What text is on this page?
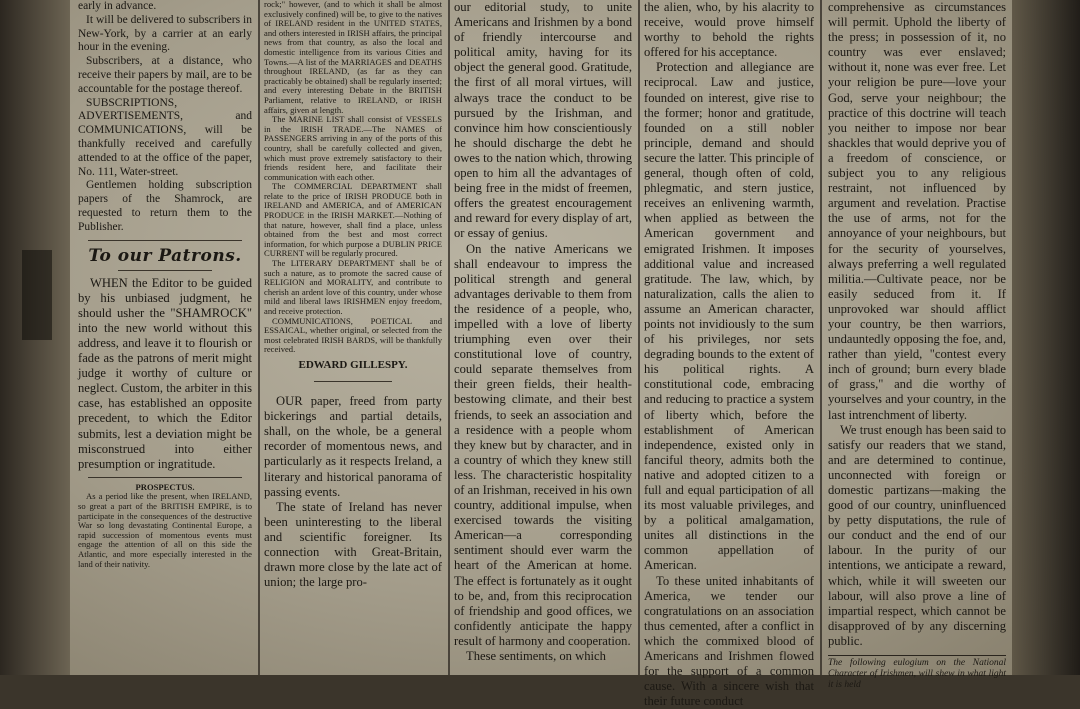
early in advance.

It will be delivered to subscribers in New-York, by a carrier at an early hour in the evening.

Subscribers, at a distance, who receive their papers by mail, are to be accountable for the postage thereof.

SUBSCRIPTIONS, ADVERTISEMENTS, and COMMUNICATIONS, will be thankfully received and carefully attended to at the office of the paper, No. 111, Water-street.

Gentlemen holding subscription papers of the Shamrock, are requested to return them to the Publisher.

To our Patrons.

WHEN the Editor to be guided by his unbiased judgment, he should usher the "SHAMROCK" into the new world without this address, and leave it to flourish or fade as the patrons of merit might judge it worthy of culture or neglect. Custom, the arbiter in this case, has established an opposite precedent, to which the Editor submits, lest a deviation might be misconstrued into either presumption or ingratitude.

PROSPECTUS.

As a period like the present, when IRELAND, so great a part of the BRITISH EMPIRE, is to participate in the consequences of the destructive War so long devastating Continental Europe, a rapid succession of momentous events must engage the attention of all on this side the Atlantic, and more especially interested in the land of their nativity.

rock;" however, (and to which it shall be almost exclusively confined) will be, to give to the natives of IRELAND resident in the UNITED STATES, and others interested in IRISH affairs, the principal news from that country, as also the local and domestic intelligence from its various Cities and Towns.—A list of the MARRIAGES and DEATHS throughout IRELAND, (as far as they can practicably be obtained) shall be regularly inserted; and every interesting Debate in the BRITISH Parliament, relative to IRELAND, or IRISH affairs, given at length.

The MARINE LIST shall consist of VESSELS in the IRISH TRADE.—The NAMES of PASSENGERS arriving in any of the ports of this country, shall be carefully collected and given, which must prove extremely satisfactory to their friends resident here, and facilitate their communication with each other.

The COMMERCIAL DEPARTMENT shall relate to the price of IRISH PRODUCE both in IRELAND and AMERICA, and of AMERICAN PRODUCE in the IRISH MARKET.—Nothing of that nature, however, shall find a place, unless obtained from the best and most correct information, for which purpose a DUBLIN PRICE CURRENT will be regularly procured.

The LITERARY DEPARTMENT shall be of such a nature, as to promote the sacred cause of RELIGION and MORALITY, and contribute to cherish an ardent love of this country, under whose mild and liberal laws IRISHMEN enjoy freedom, and receive protection.

COMMUNICATIONS, POETICAL and ESSAICAL, whether original, or selected from the most celebrated IRISH BARDS, will be thankfully received.

EDWARD GILLESPY.

OUR paper, freed from party bickerings and partial details, shall, on the whole, be a general recorder of momentous news, and particularly as it respects Ireland, a literary and historical panorama of passing events.

The state of Ireland has never been uninteresting to the liberal and scientific foreigner. Its connection with Great-Britain, drawn more close by the late act of union; the large pro-

our editorial study, to unite Americans and Irishmen by a bond of friendly intercourse and political amity, having for its object the general good. Gratitude, the first of all moral virtues, will always trace the conduct to be pursued by the Irishman, and convince him how conscientiously he should discharge the debt he owes to the nation which, throwing open to him all the advantages of being free in the midst of freemen, offers the greatest encouragement and reward for every display of art, or essay of genius.

On the native Americans we shall endeavour to impress the political strength and general advantages derivable to them from the residence of a people, who, impelled with a love of liberty triumphing even over their constitutional love of country, could separate themselves from their green fields, their health-bestowing climate, and their best friends, to seek an association and a residence with a people whom they knew but by character, and in a country of which they knew still less. The characteristic hospitality of an Irishman, received in his own country, additional impulse, when exercised towards the visiting American—a corresponding sentiment should ever warm the heart of the American at home. The effect is fortunately as it ought to be, and, from this reciprocation of friendship and good offices, we confidently anticipate the happy result of harmony and cooperation.

These sentiments, on which

the alien, who, by his alacrity to receive, would prove himself worthy to behold the rights offered for his acceptance.

Protection and allegiance are reciprocal. Law and justice, founded on interest, give rise to the former; honor and gratitude, founded on a still nobler principle, demand and should secure the latter. This principle of general, though often of cold, phlegmatic, and stern justice, receives an enlivening warmth, when applied as between the American government and emigrated Irishmen. It imposes additional value and increased gratitude. The law, which, by naturalization, calls the alien to assume an American character, points not invidiously to the sum of his privileges, nor sets degrading bounds to the extent of his political rights. A constitutional code, embracing and reducing to practice a system of liberty which, before the establishment of American independence, existed only in fanciful theory, admits both the native and adopted citizen to a full and equal participation of all its most valuable privileges, and by a political amalgamation, unites all distinctions in the common appellation of American.

To these united inhabitants of America, we tender our congratulations on an association thus cemented, after a conflict in which the commixed blood of Americans and Irishmen flowed for the support of a common cause. With a sincere wish that their future conduct

comprehensive as circumstances will permit. Uphold the liberty of the press; in possession of it, no country was ever enslaved; without it, none was ever free. Let your religion be pure—love your God, serve your neighbour; the practice of this doctrine will teach you neither to impose nor bear shackles that would deprive you of a freedom of conscience, or subject you to any religious restraint, not influenced by argument and revelation. Practise the use of arms, not for the annoyance of your neighbours, but for the security of yourselves, always preferring a well regulated militia.—Cultivate peace, nor be easily seduced from it. If unprovoked war should afflict your country, be then warriors, undauntedly opposing the foe, and, rather than yield, "contest every inch of ground; burn every blade of grass," and die worthy of yourselves and your country, in the last intrenchment of liberty.

We trust enough has been said to satisfy our readers that we stand, and are determined to continue, unconnected with foreign or domestic partizans—making the good of our country, uninfluenced by petty disputations, the rule of our conduct and the end of our labour. In the purity of our intentions, we anticipate a reward, which, while it will sweeten our labour, will also prove a line of impartial respect, which cannot be disapproved of by any discerning public.

The following eulogium on the National Character of Irishmen, will shew in what light it is held
